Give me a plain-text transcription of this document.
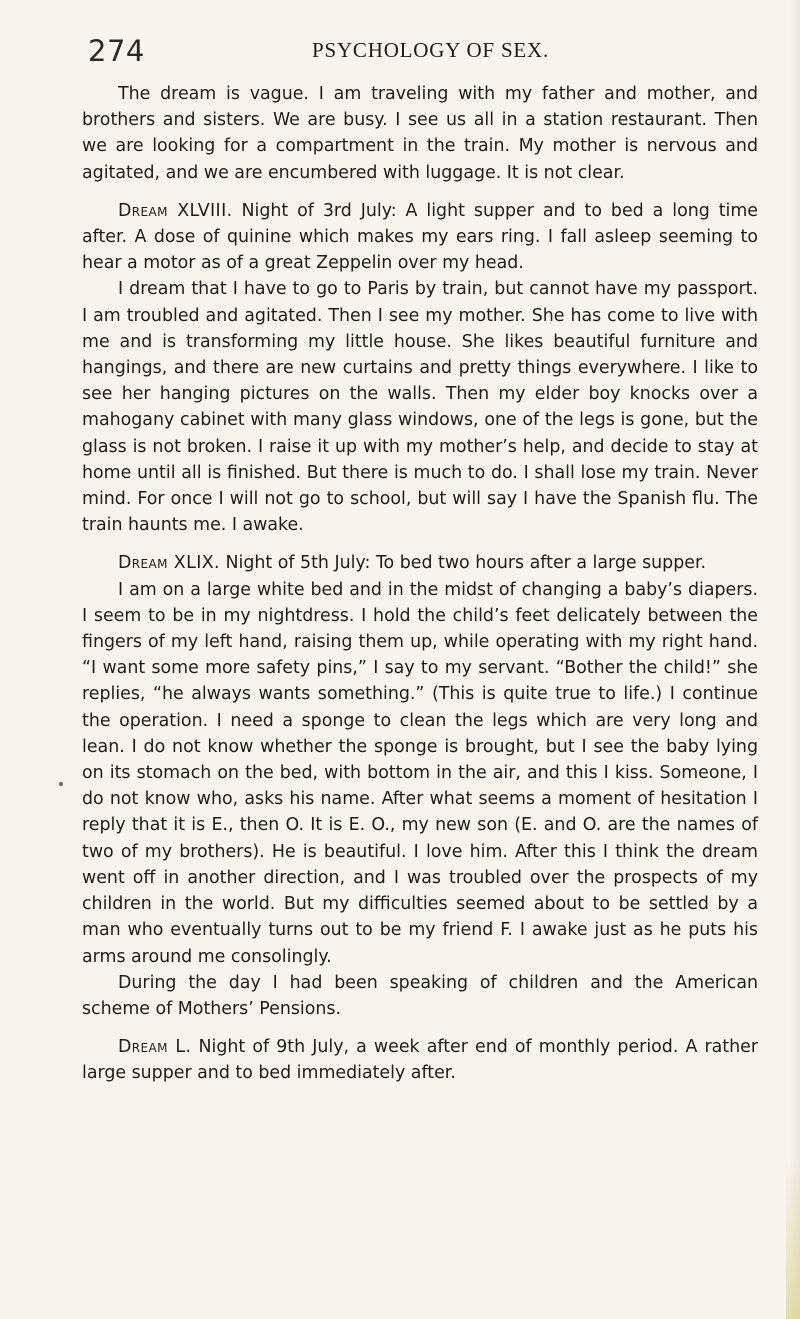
274	PSYCHOLOGY OF SEX.

The dream is vague. I am traveling with my father and mother, and brothers and sisters. We are busy. I see us all in a station restaurant. Then we are looking for a compartment in the train. My mother is nervous and agitated, and we are encumbered with luggage. It is not clear.

Dream XLVIII. Night of 3rd July: A light supper and to bed a long time after. A dose of quinine which makes my ears ring. I fall asleep seeming to hear a motor as of a great Zeppelin over my head.

I dream that I have to go to Paris by train, but cannot have my passport. I am troubled and agitated. Then I see my mother. She has come to live with me and is transforming my little house. She likes beautiful furniture and hangings, and there are new curtains and pretty things everywhere. I like to see her hanging pictures on the walls. Then my elder boy knocks over a mahogany cabinet with many glass windows, one of the legs is gone, but the glass is not broken. I raise it up with my mother’s help, and decide to stay at home until all is finished. But there is much to do. I shall lose my train. Never mind. For once I will not go to school, but will say I have the Spanish flu. The train haunts me. I awake.

Dream XLIX. Night of 5th July: To bed two hours after a large supper.

I am on a large white bed and in the midst of changing a baby’s diapers. I seem to be in my nightdress. I hold the child’s feet delicately between the fingers of my left hand, raising them up, while operating with my right hand. “I want some more safety pins,” I say to my servant. “Bother the child!” she replies, “he always wants something.” (This is quite true to life.) I continue the operation. I need a sponge to clean the legs which are very long and lean. I do not know whether the sponge is brought, but I see the baby lying on its stomach on the bed, with bottom in the air, and this I kiss. Someone, I do not know who, asks his name. After what seems a moment of hesitation I reply that it is E., then O. It is E. O., my new son (E. and O. are the names of two of my brothers). He is beautiful. I love him. After this I think the dream went off in another direction, and I was troubled over the prospects of my children in the world. But my difficulties seemed about to be settled by a man who eventually turns out to be my friend F. I awake just as he puts his arms around me consolingly.

During the day I had been speaking of children and the American scheme of Mothers’ Pensions.

Dream L. Night of 9th July, a week after end of monthly period. A rather large supper and to bed immediately after.
